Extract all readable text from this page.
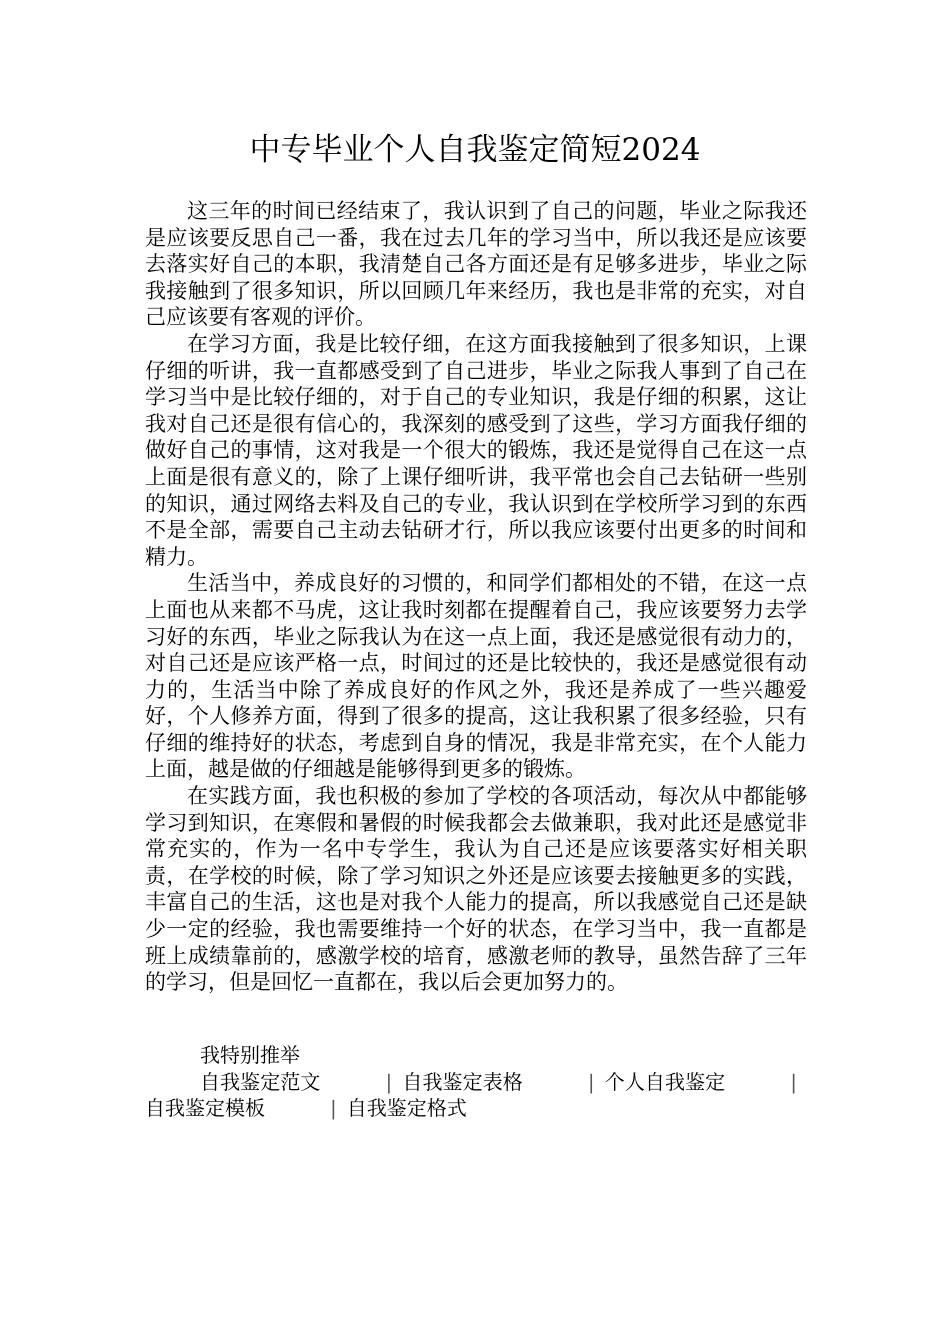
中专毕业个人自我鉴定简短2024

这三年的时间已经结束了，我认识到了自己的问题，毕业之际我还是应该要反思自己一番，我在过去几年的学习当中，所以我还是应该要去落实好自己的本职，我清楚自己各方面还是有足够多进步，毕业之际我接触到了很多知识，所以回顾几年来经历，我也是非常的充实，对自己应该要有客观的评价。

在学习方面，我是比较仔细，在这方面我接触到了很多知识，上课仔细的听讲，我一直都感受到了自己进步，毕业之际我人事到了自己在学习当中是比较仔细的，对于自己的专业知识，我是仔细的积累，这让我对自己还是很有信心的，我深刻的感受到了这些，学习方面我仔细的做好自己的事情，这对我是一个很大的锻炼，我还是觉得自己在这一点上面是很有意义的，除了上课仔细听讲，我平常也会自己去钻研一些别的知识，通过网络去料及自己的专业，我认识到在学校所学习到的东西不是全部，需要自己主动去钻研才行，所以我应该要付出更多的时间和精力。

生活当中，养成良好的习惯的，和同学们都相处的不错，在这一点上面也从来都不马虎，这让我时刻都在提醒着自己，我应该要努力去学习好的东西，毕业之际我认为在这一点上面，我还是感觉很有动力的，对自己还是应该严格一点，时间过的还是比较快的，我还是感觉很有动力的，生活当中除了养成良好的作风之外，我还是养成了一些兴趣爱好，个人修养方面，得到了很多的提高，这让我积累了很多经验，只有仔细的维持好的状态，考虑到自身的情况，我是非常充实，在个人能力上面，越是做的仔细越是能够得到更多的锻炼。

在实践方面，我也积极的参加了学校的各项活动，每次从中都能够学习到知识，在寒假和暑假的时候我都会去做兼职，我对此还是感觉非常充实的，作为一名中专学生，我认为自己还是应该要落实好相关职责，在学校的时候，除了学习知识之外还是应该要去接触更多的实践，丰富自己的生活，这也是对我个人能力的提高，所以我感觉自己还是缺少一定的经验，我也需要维持一个好的状态，在学习当中，我一直都是班上成绩靠前的，感激学校的培育，感激老师的教导，虽然告辞了三年的学习，但是回忆一直都在，我以后会更加努力的。

我特别推举

自我鉴定范文	| 自我鉴定表格	| 个人自我鉴定	|自我鉴定模板	| 自我鉴定格式
